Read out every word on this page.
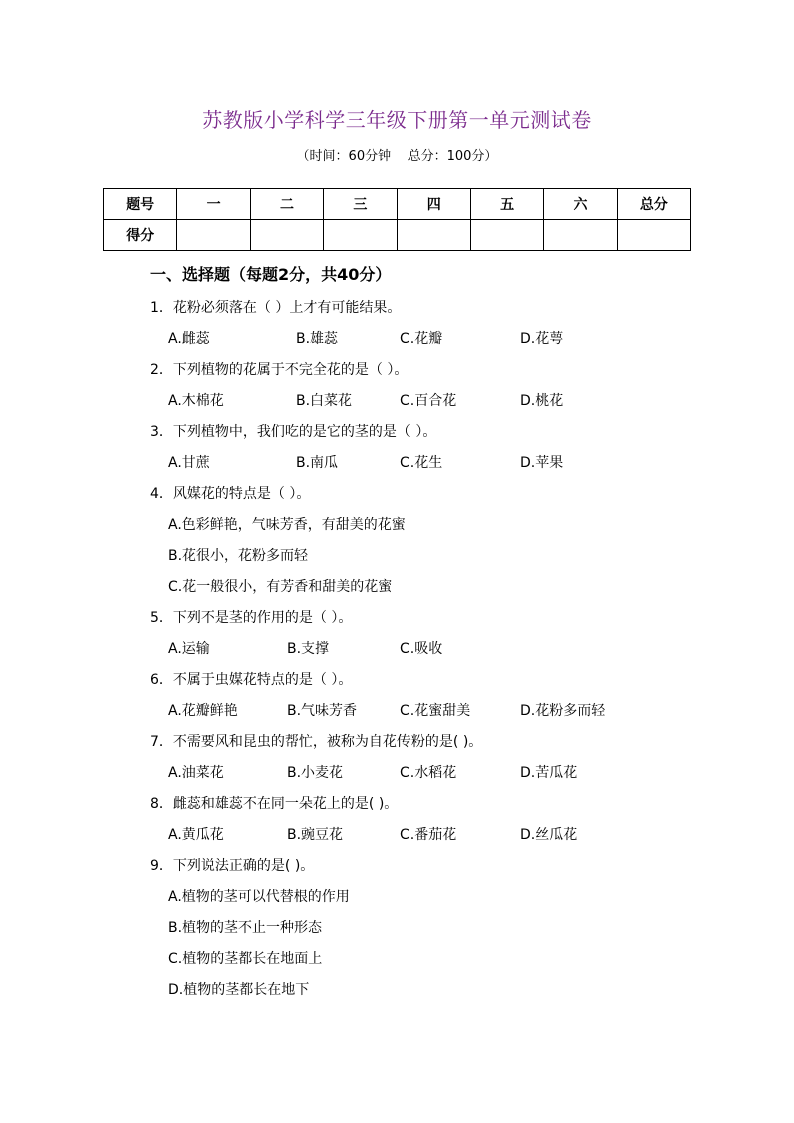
苏教版小学科学三年级下册第一单元测试卷
（时间：60分钟    总分：100分）
题号	一	二	三	四	五	六	总分
得分							
一、选择题（每题2分，共40分）
1．花粉必须落在（ ）上才有可能结果。
A.雌蕊	B.雄蕊	C.花瓣	D.花萼
2．下列植物的花属于不完全花的是（ ）。
A.木棉花	B.白菜花	C.百合花	D.桃花
3．下列植物中，我们吃的是它的茎的是（ ）。
A.甘蔗	B.南瓜	C.花生	D.苹果
4．风媒花的特点是（ ）。
A.色彩鲜艳，气味芳香，有甜美的花蜜
B.花很小，花粉多而轻
C.花一般很小，有芳香和甜美的花蜜
5．下列不是茎的作用的是（ ）。
A.运输	B.支撑	C.吸收
6．不属于虫媒花特点的是（ ）。
A.花瓣鲜艳	B.气味芳香	C.花蜜甜美	D.花粉多而轻
7．不需要风和昆虫的帮忙，被称为自花传粉的是( )。
A.油菜花	B.小麦花	C.水稻花	D.苦瓜花
8．雌蕊和雄蕊不在同一朵花上的是( )。
A.黄瓜花	B.豌豆花	C.番茄花	D.丝瓜花
9．下列说法正确的是( )。
A.植物的茎可以代替根的作用
B.植物的茎不止一种形态
C.植物的茎都长在地面上
D.植物的茎都长在地下
